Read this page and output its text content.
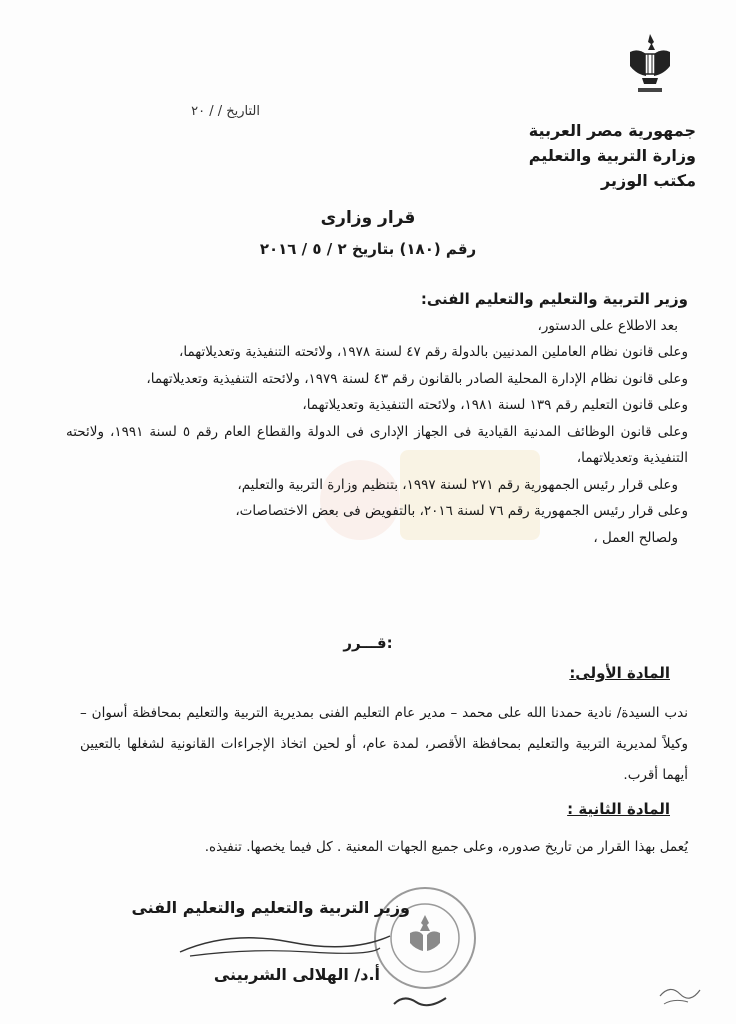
جمهورية مصر العربية
وزارة التربية والتعليم
مكتب الوزير
التاريخ / / ٢٠
قرار وزارى
رقم (١٨٠) بتاريخ ٢ / ٥ / ٢٠١٦

وزير التربية والتعليم والتعليم الفنى:

بعد الاطلاع على الدستور،

وعلى قانون نظام العاملين المدنيين بالدولة رقم ٤٧ لسنة ١٩٧٨، ولائحته التنفيذية وتعديلاتهما،

وعلى قانون نظام الإدارة المحلية الصادر بالقانون رقم ٤٣ لسنة ١٩٧٩، ولائحته التنفيذية وتعديلاتهما،

وعلى قانون التعليم رقم ١٣٩ لسنة ١٩٨١، ولائحته التنفيذية وتعديلاتهما،

وعلى قانون الوظائف المدنية القيادية فى الجهاز الإدارى فى الدولة والقطاع العام رقم ٥ لسنة ١٩٩١، ولائحته التنفيذية وتعديلاتهما،

وعلى قرار رئيس الجمهورية رقم ٢٧١ لسنة ١٩٩٧، بتنظيم وزارة التربية والتعليم،

وعلى قرار رئيس الجمهورية رقم ٧٦ لسنة ٢٠١٦، بالتفويض فى بعض الاختصاصات،

ولصالح العمل ،

قـــرر:
المادة الأولى:

ندب السيدة/ نادية حمدنا الله على محمد – مدير عام التعليم الفنى بمديرية التربية والتعليم بمحافظة أسوان – وكيلاً لمديرية التربية والتعليم بمحافظة الأقصر، لمدة عام، أو لحين اتخاذ الإجراءات القانونية لشغلها بالتعيين أيهما أقرب.

المادة الثانية :

يُعمل بهذا القرار من تاريخ صدوره، وعلى جميع الجهات المعنية . كل فيما يخصها. تنفيذه.

وزير التربية والتعليم والتعليم الفنى
أ.د/ الهلالى الشربينى
